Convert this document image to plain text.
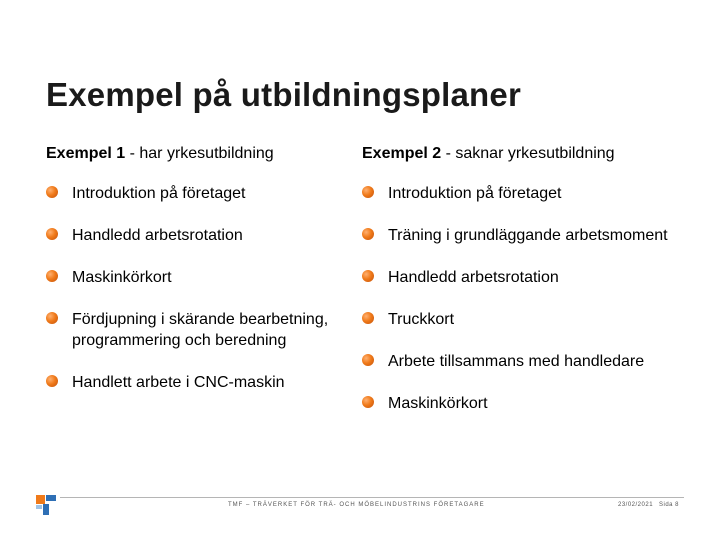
Exempel på utbildningsplaner

Exempel 1 - har yrkesutbildning

Introduktion på företaget
Handledd arbetsrotation
Maskinkörkort
Fördjupning i skärande bearbetning, programmering och beredning
Handlett arbete i CNC-maskin

Exempel 2 - saknar yrkesutbildning

Introduktion på företaget
Träning i grundläggande arbetsmoment
Handledd arbetsrotation
Truckkort
Arbete tillsammans med handledare
Maskinkörkort
TMF – TRÄVERKET FÖR TRÄ- OCH MÖBELINDUSTRINS FÖRETAGARE	23/02/2021 Sida 8
